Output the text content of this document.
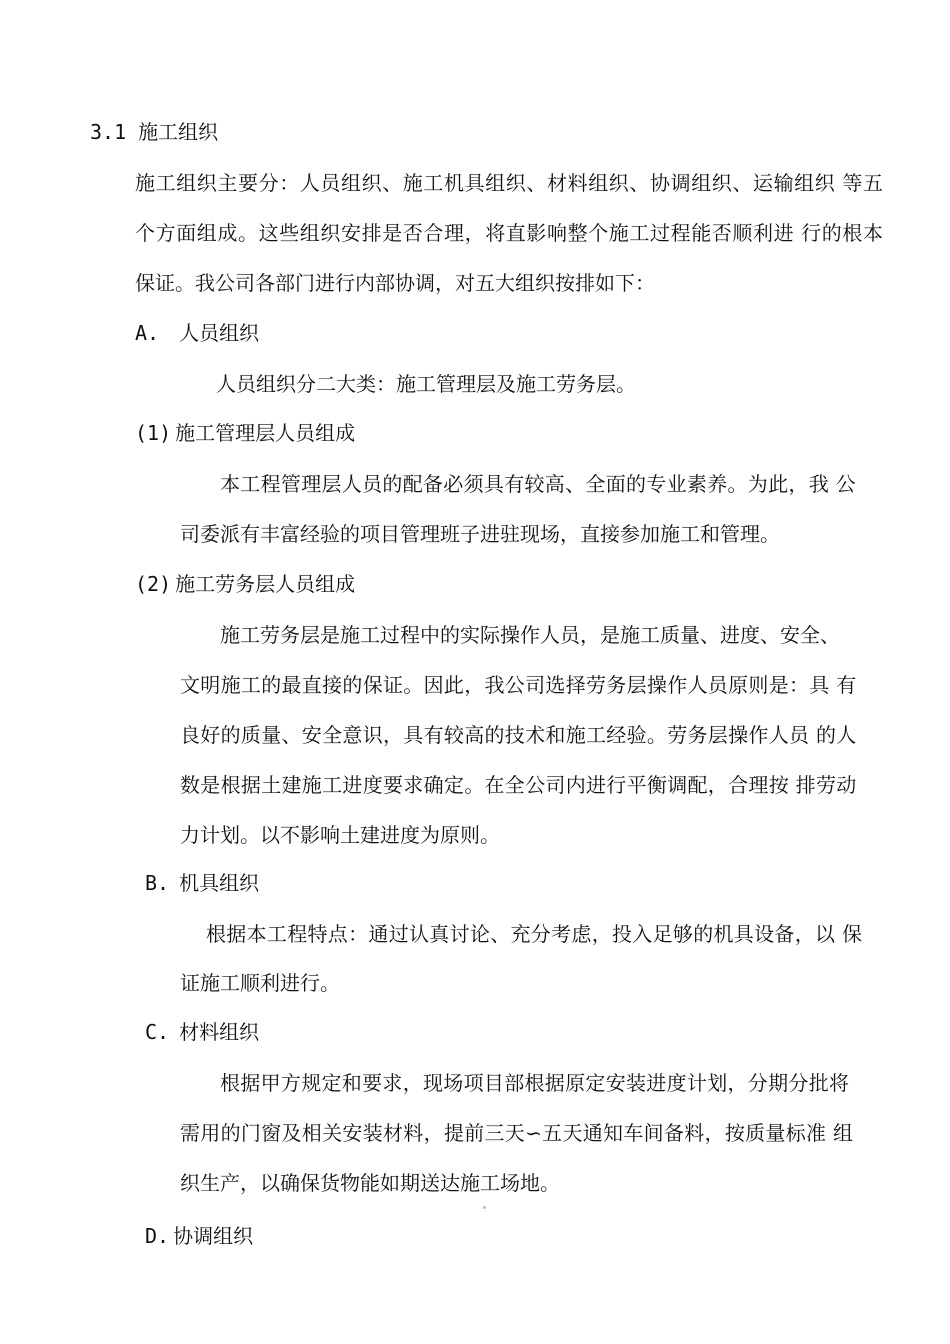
3.1 施工组织
施工组织主要分：人员组织、施工机具组织、材料组织、协调组织、运输组织 等五
个方面组成。这些组织安排是否合理，将直影响整个施工过程能否顺利进 行的根本
保证。我公司各部门进行内部协调，对五大组织按排如下：
A. 人员组织
人员组织分二大类：施工管理层及施工劳务层。
(1) 施工管理层人员组成
本工程管理层人员的配备必须具有较高、全面的专业素养。为此，我 公
司委派有丰富经验的项目管理班子进驻现场，直接参加施工和管理。
(2) 施工劳务层人员组成
施工劳务层是施工过程中的实际操作人员，是施工质量、进度、安全、
文明施工的最直接的保证。因此，我公司选择劳务层操作人员原则是：具 有
良好的质量、安全意识，具有较高的技术和施工经验。劳务层操作人员 的人
数是根据土建施工进度要求确定。在全公司内进行平衡调配，合理按 排劳动
力计划。以不影响土建进度为原则。
B. 机具组织
根据本工程特点：通过认真讨论、充分考虑，投入足够的机具设备，以 保
证施工顺利进行。
C. 材料组织
根据甲方规定和要求，现场项目部根据原定安装进度计划，分期分批将
需用的门窗及相关安装材料，提前三天∽五天通知车间备料，按质量标准 组
织生产，以确保货物能如期送达施工场地。
D. 协调组织
